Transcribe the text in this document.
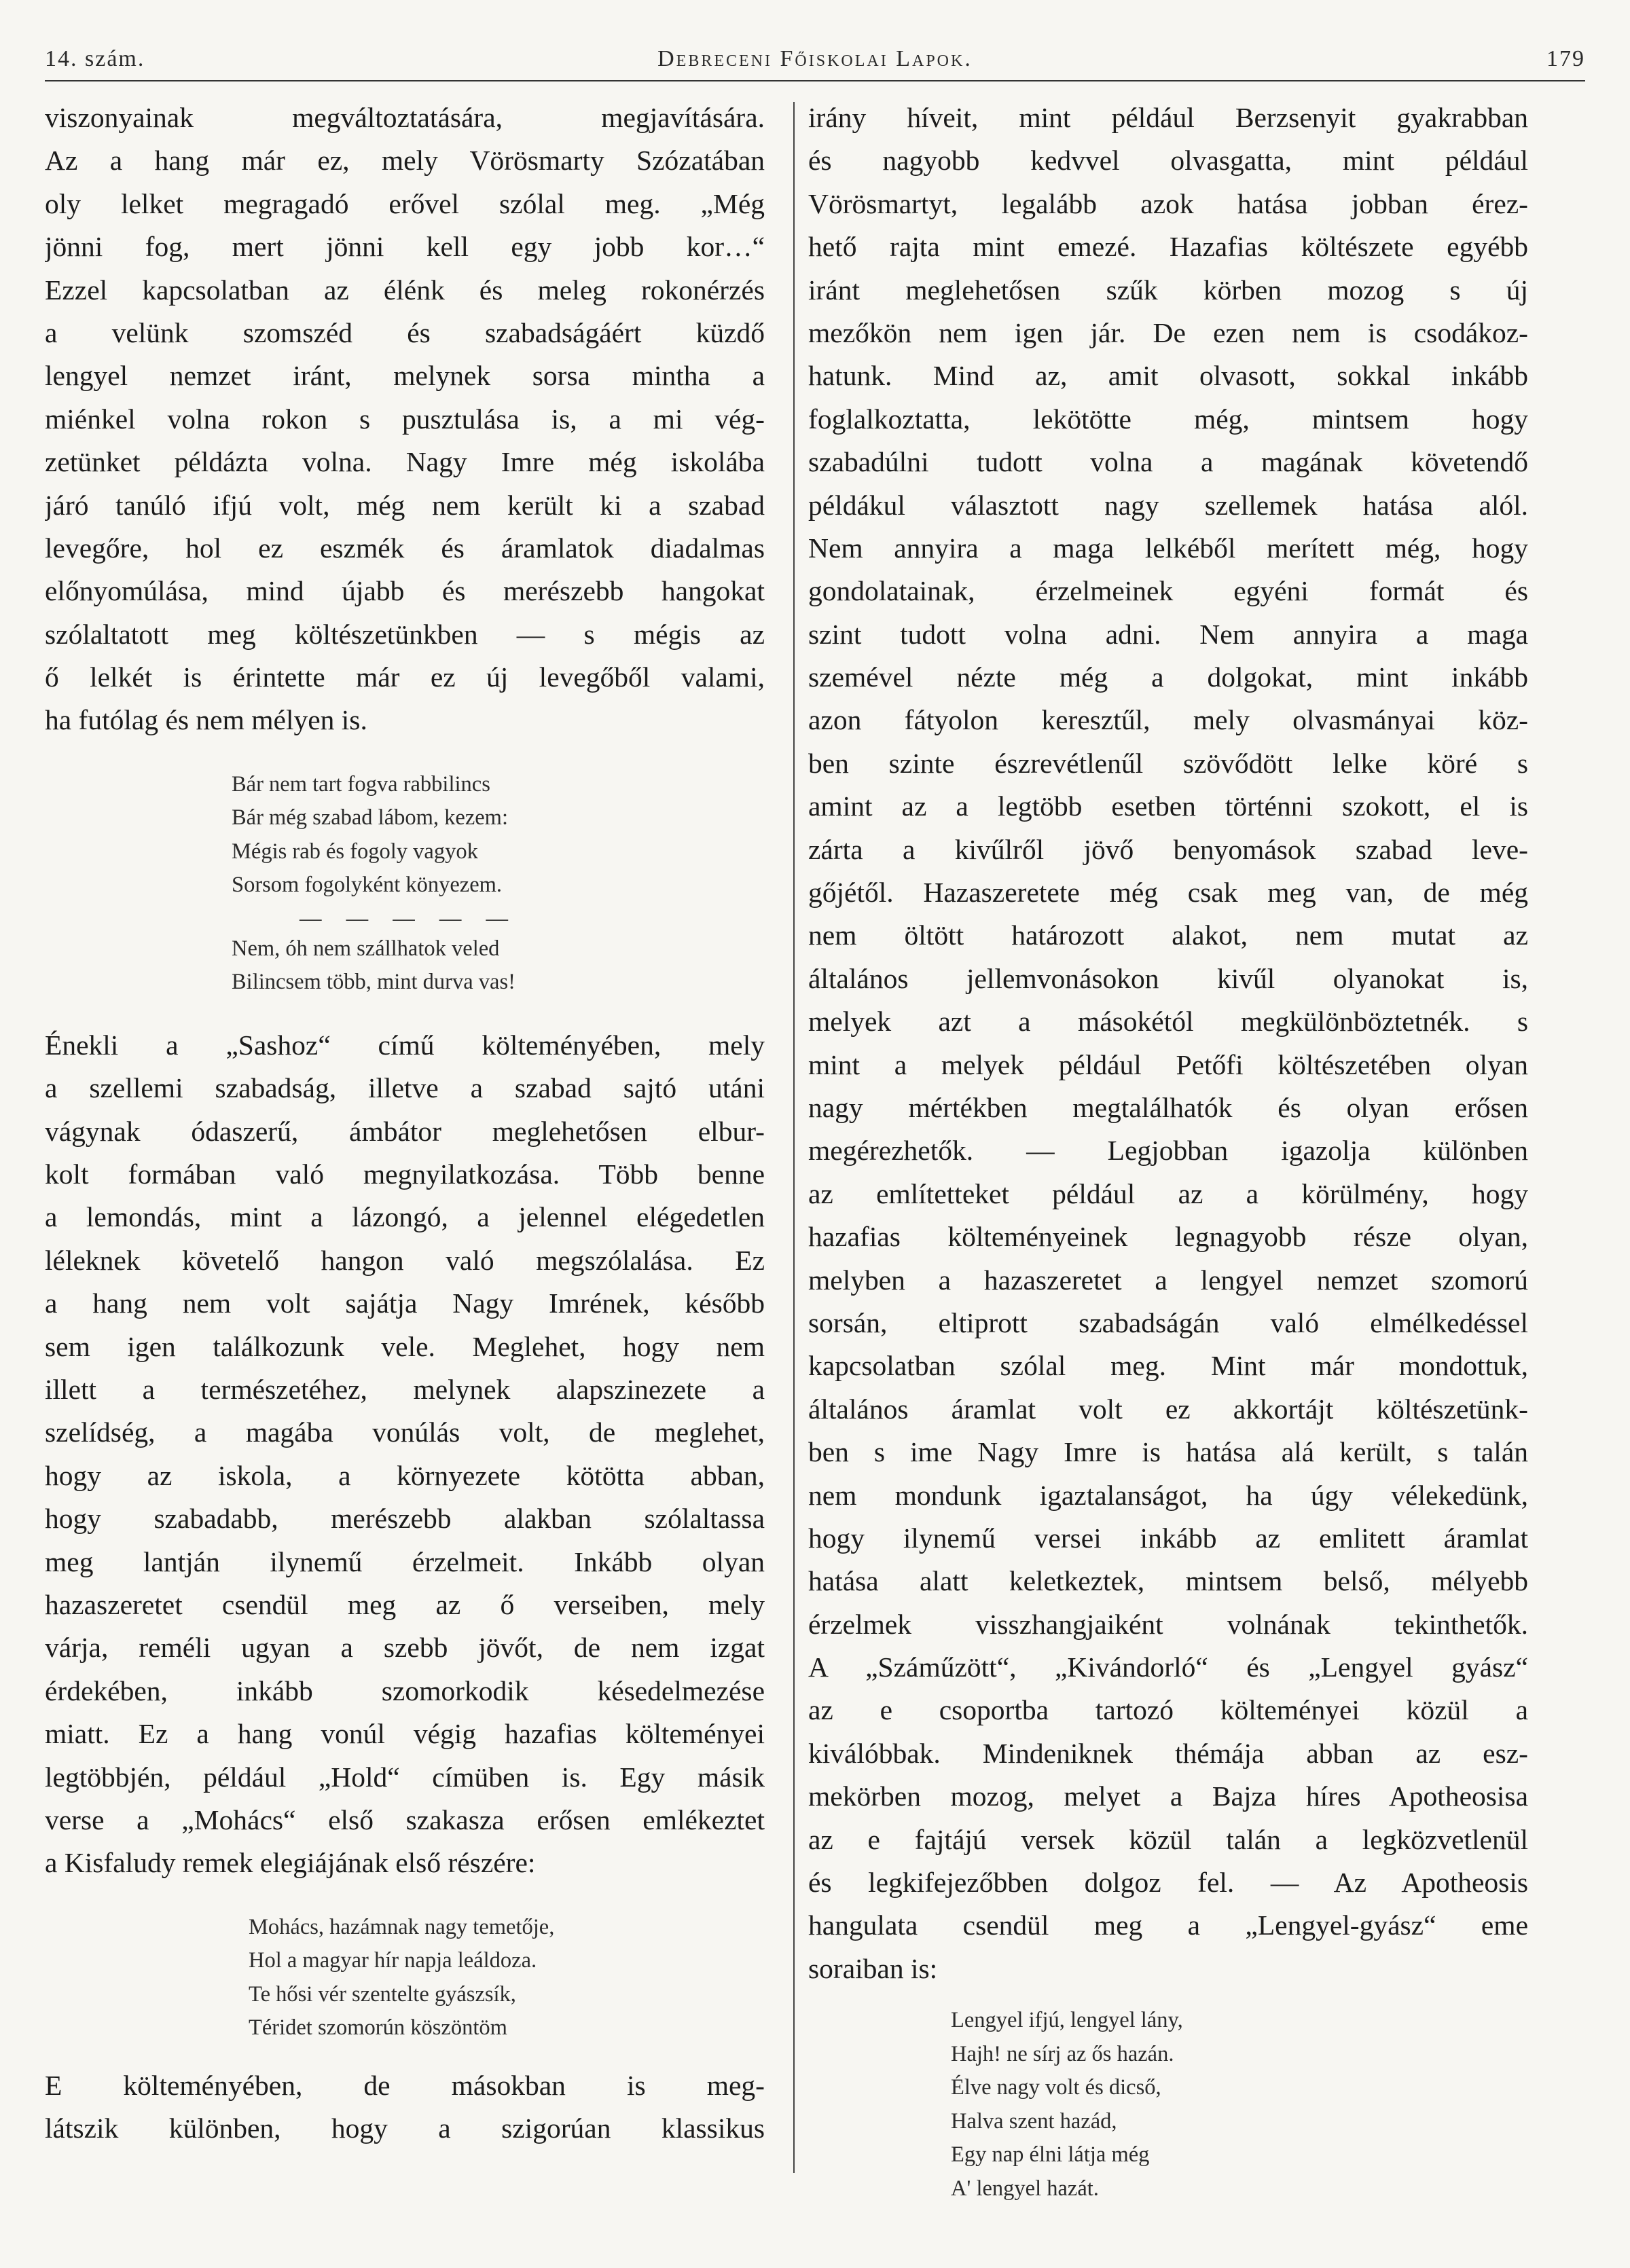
14. szám.	Debreceni Főiskolai Lapok.	179
viszonyainak megváltoztatására, megjavítására.
Az a hang már ez, mely Vörösmarty Szózatában
oly lelket megragadó erővel szólal meg. „Még
jönni fog, mert jönni kell egy jobb kor…“
Ezzel kapcsolatban az élénk és meleg rokonérzés
a velünk szomszéd és szabadságáért küzdő
lengyel nemzet iránt, melynek sorsa mintha a
miénkel volna rokon s pusztulása is, a mi vég-
zetünket példázta volna. Nagy Imre még iskolába
járó tanúló ifjú volt, még nem került ki a szabad
levegőre, hol ez eszmék és áramlatok diadalmas
előnyomúlása, mind újabb és merészebb hangokat
szólaltatott meg költészetünkben — s mégis az
ő lelkét is érintette már ez új levegőből valami,
ha futólag és nem mélyen is.
Bár nem tart fogva rabbilincs
Bár még szabad lábom, kezem:
Mégis rab és fogoly vagyok
Sorsom fogolyként könyezem.
— — — — —
Nem, óh nem szállhatok veled
Bilincsem több, mint durva vas!
Énekli a „Sashoz“ című költeményében, mely
a szellemi szabadság, illetve a szabad sajtó utáni
vágynak ódaszerű, ámbátor meglehetősen elbur-
kolt formában való megnyilatkozása. Több benne
a lemondás, mint a lázongó, a jelennel elégedetlen
léleknek követelő hangon való megszólalása. Ez
a hang nem volt sajátja Nagy Imrének, később
sem igen találkozunk vele. Meglehet, hogy nem
illett a természetéhez, melynek alapszinezete a
szelídség, a magába vonúlás volt, de meglehet,
hogy az iskola, a környezete kötötta abban,
hogy szabadabb, merészebb alakban szólaltassa
meg lantján ilynemű érzelmeit. Inkább olyan
hazaszeretet csendül meg az ő verseiben, mely
várja, reméli ugyan a szebb jövőt, de nem izgat
érdekében, inkább szomorkodik késedelmezése
miatt. Ez a hang vonúl végig hazafias költeményei
legtöbbjén, például „Hold“ címüben is. Egy másik
verse a „Mohács“ első szakasza erősen emlékeztet
a Kisfaludy remek elegiájának első részére:
Mohács, hazámnak nagy temetője,
Hol a magyar hír napja leáldoza.
Te hősi vér szentelte gyászsík,
Téridet szomorún köszöntöm
E költeményében, de másokban is meg-
látszik különben, hogy a szigorúan klassikus
irány híveit, mint például Berzsenyit gyakrabban
és nagyobb kedvvel olvasgatta, mint például
Vörösmartyt, legalább azok hatása jobban érez-
hető rajta mint emezé. Hazafias költészete egyébb
iránt meglehetősen szűk körben mozog s új
mezőkön nem igen jár. De ezen nem is csodákoz-
hatunk. Mind az, amit olvasott, sokkal inkább
foglalkoztatta, lekötötte még, mintsem hogy
szabadúlni tudott volna a magának követendő
példákul választott nagy szellemek hatása alól.
Nem annyira a maga lelkéből merített még, hogy
gondolatainak, érzelmeinek egyéni formát és
szint tudott volna adni. Nem annyira a maga
szemével nézte még a dolgokat, mint inkább
azon fátyolon keresztűl, mely olvasmányai köz-
ben szinte észrevétlenűl szövődött lelke köré s
amint az a legtöbb esetben történni szokott, el is
zárta a kivűlről jövő benyomások szabad leve-
gőjétől. Hazaszeretete még csak meg van, de még
nem öltött határozott alakot, nem mutat az
általános jellemvonásokon kivűl olyanokat is,
melyek azt a másokétól megkülönböztetnék. s
mint a melyek például Petőfi költészetében olyan
nagy mértékben megtalálhatók és olyan erősen
megérezhetők. — Legjobban igazolja különben
az említetteket például az a körülmény, hogy
hazafias költeményeinek legnagyobb része olyan,
melyben a hazaszeretet a lengyel nemzet szomorú
sorsán, eltiprott szabadságán való elmélkedéssel
kapcsolatban szólal meg. Mint már mondottuk,
általános áramlat volt ez akkortájt költészetünk-
ben s ime Nagy Imre is hatása alá került, s talán
nem mondunk igaztalanságot, ha úgy vélekedünk,
hogy ilynemű versei inkább az emlitett áramlat
hatása alatt keletkeztek, mintsem belső, mélyebb
érzelmek visszhangjaiként volnának tekinthetők.
A „Száműzött“, „Kivándorló“ és „Lengyel gyász“
az e csoportba tartozó költeményei közül a
kiválóbbak. Mindeniknek thémája abban az esz-
mekörben mozog, melyet a Bajza híres Apotheosisa
az e fajtájú versek közül talán a legközvetlenül
és legkifejezőbben dolgoz fel. — Az Apotheosis
hangulata csendül meg a „Lengyel-gyász“ eme
soraiban is:
Lengyel ifjú, lengyel lány,
Hajh! ne sírj az ős hazán.
Élve nagy volt és dicső,
Halva szent hazád,
Egy nap élni látja még
A' lengyel hazát.
